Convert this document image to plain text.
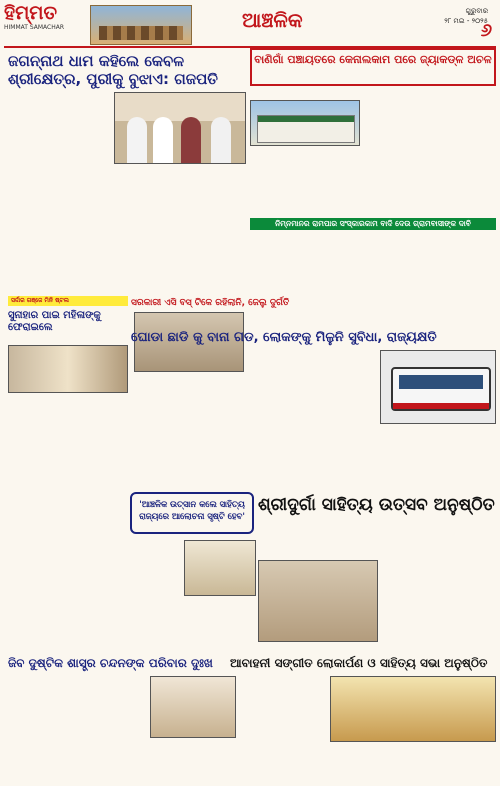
ହିମ୍ମତ
HIMMAT SAMACHAR	ଆଞ୍ଚଳିକ	ଗୁରୁବାର
୨୮ ମଇ - ୨୦୨୫
୬
ଜଗନ୍ନାଥ ଧାମ କହିଲେ କେବଳ ଶ୍ରୀକ୍ଷେତ୍ର, ପୁରୀକୁ ବୁଝାଏ: ଗଜପତି
ବାଣିଗାଁ ପଞ୍ଚାୟତରେ କେନାଲକାମ ପରେ ଜ୍ୟାକଡ୍ଳ ଅଚଳ
ନିମ୍ନମାନର ରାମପାର ସଂସ୍କାରକାମ ବାଦି ଦେଉ ଗ୍ରାମବାସୀଙ୍କ ଦାବି
ସର୍ଦ୍ଦାର ଗଞ୍ଜେ ମିନି ଷ୍ଟଲ
ସୁନାହାର ପାଇ ମହିଳାଙ୍କୁ ଫେରାଇଲେ
ସରକାରୀ ଏସି ବସ୍ ଟିକେ ରହିଲାନି, ଜେଲୁ ଦୁର୍ଗତି
ଘୋଡା ଛାଡି କୁ ବାନା ଗଡ, ଲୋକଙ୍କୁ ମିଳୁନି ସୁବିଧା, ରାଜ୍ୟକ୍ଷତି
'ଆଞ୍ଚଳିକ ଉତ୍ସାନ କଲେ ସାହିତ୍ୟ ରାଜ୍ୟରେ ଆଲୋଚନା ସୃଷ୍ଟି ହେବ'
ଶ୍ରୀଦୁର୍ଗା ସାହିତ୍ୟ ଉତ୍ସବ ଅନୁଷ୍ଠିତ
ଜିବ ଦୁଷ୍ଟିକ ଶାସ୍ତ୍ର ଚନ୍ଦନଙ୍କ ପରିବାର ଦୁଃଖ	ଆବାହନୀ ସଙ୍ଗୀତ ଲୋକାର୍ପଣ ଓ ସାହିତ୍ୟ ସଭା ଅନୁଷ୍ଠିତ
